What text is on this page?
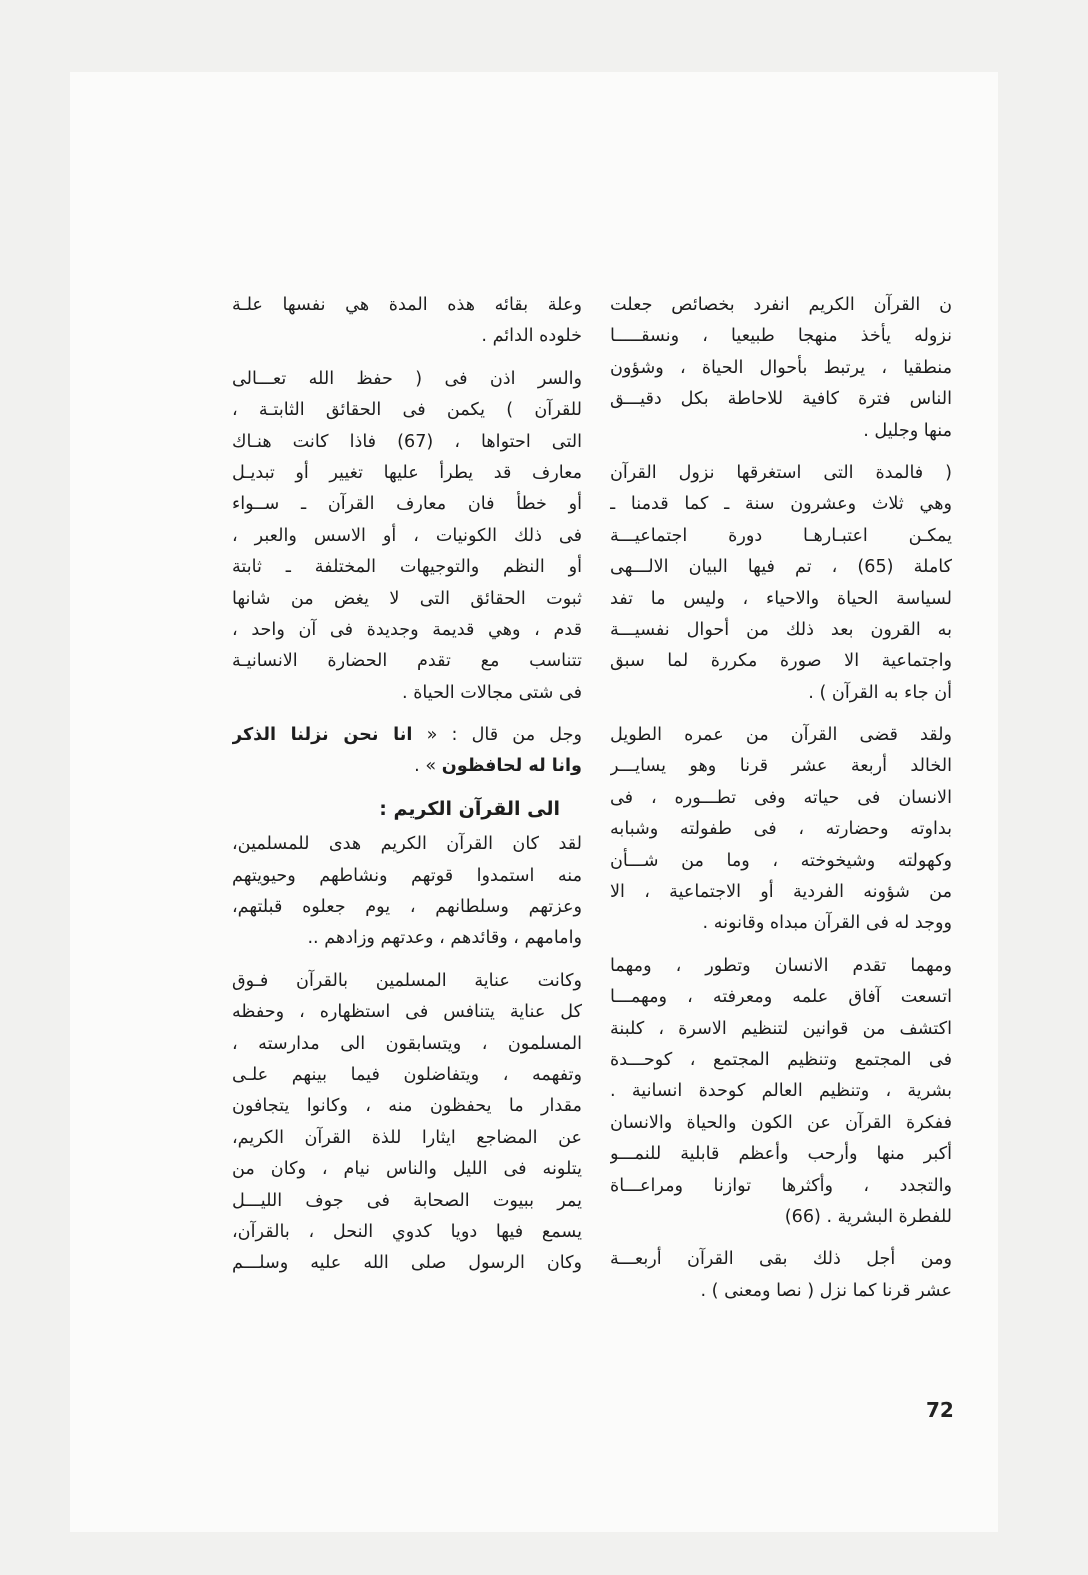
ن القرآن الكريم انفرد بخصائص جعلت
نزوله يأخذ منهجا طبيعيا ، ونسقـــــا
منطقيا ، يرتبط بأحوال الحياة ، وشؤون
الناس فترة كافية للاحاطة بكل دقيـــق
منها وجليل .
( فالمدة التى استغرقها نزول القرآن
وهي ثلاث وعشرون سنة ـ كما قدمنا ـ
يمكـن اعتبـارهـا دورة اجتماعيـــة
كاملة (65) ، تم فيها البيان الالـــهى
لسياسة الحياة والاحياء ، وليس ما تفد
به القرون بعد ذلك من أحوال نفسيـــة
واجتماعية الا صورة مكررة لما سبق
أن جاء به القرآن ) .
ولقد قضى القرآن من عمره الطويل
الخالد أربعة عشر قرنا وهو يسايـــر
الانسان فى حياته وفى تطـــوره ، فى
بداوته وحضارته ، فى طفولته وشبابه
وكهولته وشيخوخته ، وما من شـــأن
من شؤونه الفردية أو الاجتماعية ، الا
ووجد له فى القرآن مبداه وقانونه .
ومهما تقدم الانسان وتطور ، ومهما
اتسعت آفاق علمه ومعرفته ، ومهمـــا
اكتشف من قوانين لتنظيم الاسرة ، كلبنة
فى المجتمع وتنظيم المجتمع ، كوحـــدة
بشرية ، وتنظيم العالم كوحدة انسانية .
ففكرة القرآن عن الكون والحياة والانسان
أكبر منها وأرحب وأعظم قابلية للنمـــو
والتجدد ، وأكثرها توازنا ومراعـــاة
للفطرة البشرية . (66)
ومن أجل ذلك بقى القرآن أربعـــة
عشر قرنا كما نزل ( نصا ومعنى ) .
وعلة بقائه هذه المدة هي نفسها علـة
خلوده الدائم .
والسر اذن فى ( حفظ الله تعـــالى
للقرآن ) يكمن فى الحقائق الثابتـة ،
التى احتواها ، (67) فاذا كانت هنـاك
معارف قد يطرأ عليها تغيير أو تبديـل
أو خطأ فان معارف القرآن ـ ســواء
فى ذلك الكونيات ، أو الاسس والعبر ،
أو النظم والتوجيهات المختلفة ـ ثابتة
ثبوت الحقائق التى لا يغض من شانها
قدم ، وهي قديمة وجديدة فى آن واحد ،
تتناسب مع تقدم الحضارة الانسانيـة
فى شتى مجالات الحياة .
وجل من قال : « انا نحن نزلنا الذكر
وانا له لحافظون » .
الى القرآن الكريم :
لقد كان القرآن الكريم هدى للمسلمين،
منه استمدوا قوتهم ونشاطهم وحيويتهم
وعزتهم وسلطانهم ، يوم جعلوه قبلتهم،
وامامهم ، وقائدهم ، وعدتهم وزادهم ..
وكانت عناية المسلمين بالقرآن فـوق
كل عناية يتنافس فى استظهاره ، وحفظه
المسلمون ، ويتسابقون الى مدارسته ،
وتفهمه ، ويتفاضلون فيما بينهم علـى
مقدار ما يحفظون منه ، وكانوا يتجافون
عن المضاجع ايثارا للذة القرآن الكريم،
يتلونه فى الليل والناس نيام ، وكان من
يمر ببيوت الصحابة فى جوف الليـــل
يسمع فيها دويا كدوي النحل ، بالقرآن،
وكان الرسول صلى الله عليه وسلـــم
72
